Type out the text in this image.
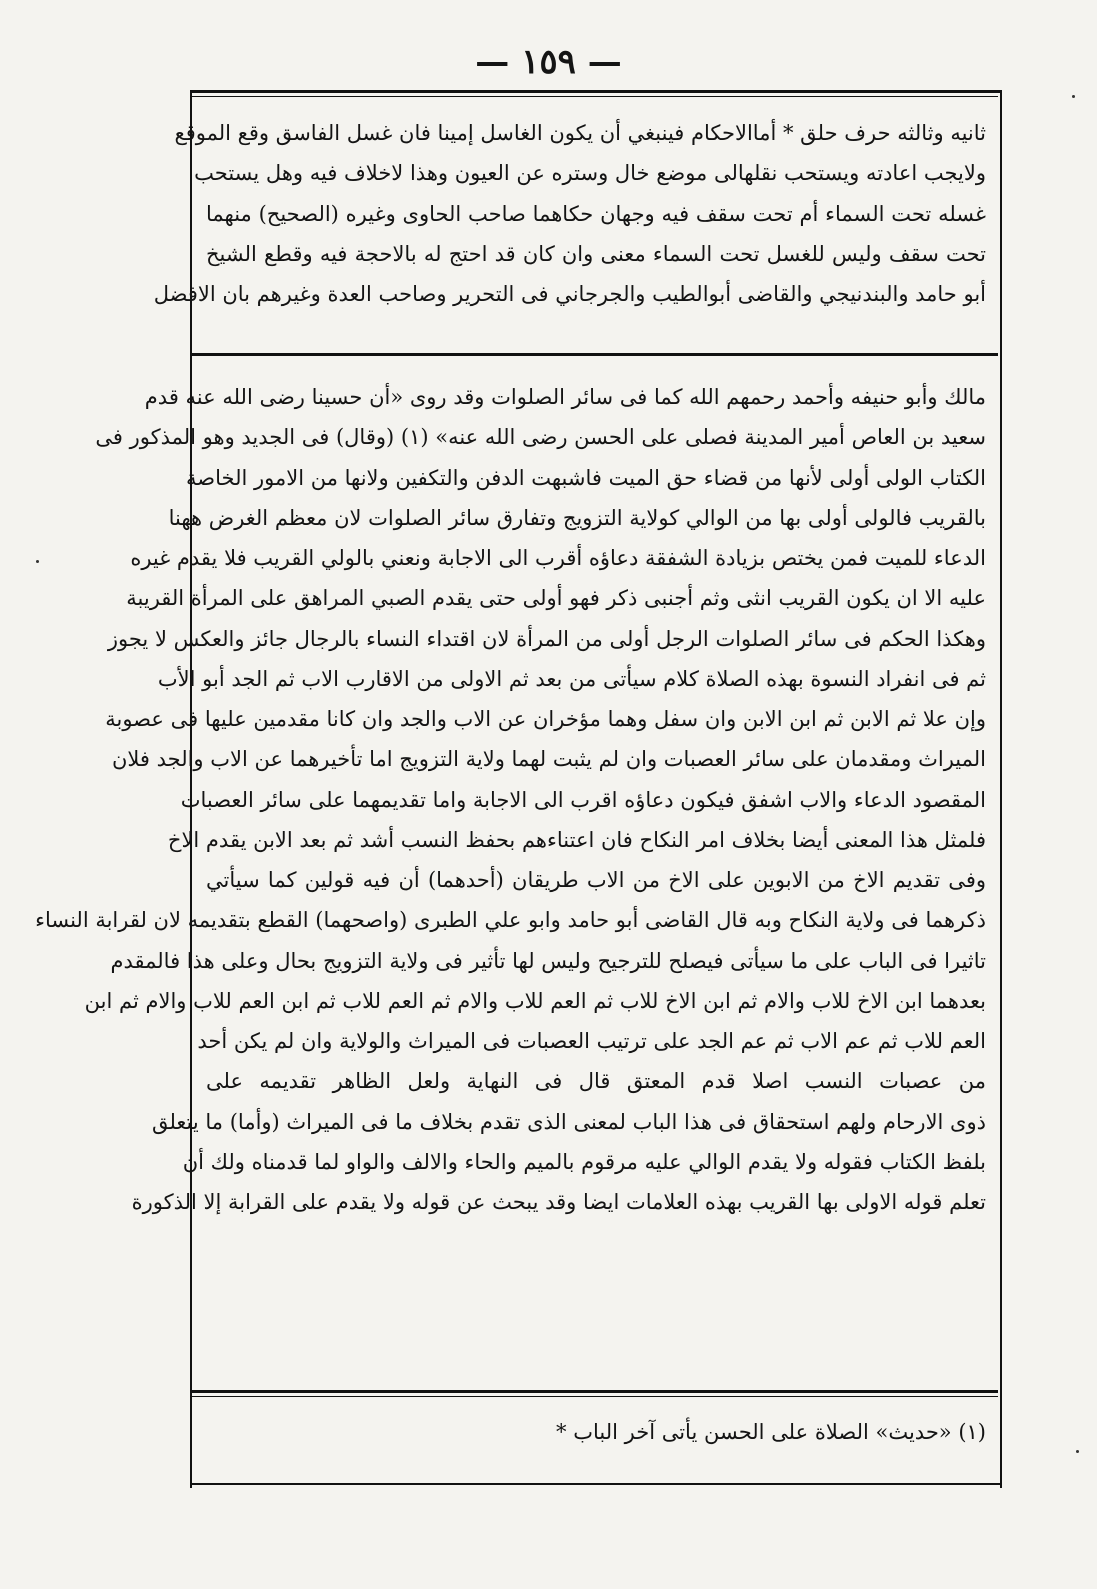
— ١٥٩ —
ثانيه وثالثه حرف حلق * أماالاحكام فينبغي أن يكون الغاسل إمينا فان غسل الفاسق وقع الموقع
ولايجب اعادته ويستحب نقلهالى موضع خال وستره عن العيون وهذا لاخلاف فيه وهل يستحب
غسله تحت السماء أم تحت سقف فيه وجهان حكاهما صاحب الحاوى وغيره (الصحيح) منهما
تحت سقف وليس للغسل تحت السماء معنى وان كان قد احتج له بالاحجة فيه وقطع الشيخ
أبو حامد والبندنيجي والقاضى أبوالطيب والجرجاني فى التحرير وصاحب العدة وغيرهم بان الافضل
مالك وأبو حنيفه وأحمد رحمهم الله كما فى سائر الصلوات وقد روى «أن حسينا رضى الله عنه قدم
سعيد بن العاص أمير المدينة فصلى على الحسن رضى الله عنه» (١) (وقال) فى الجديد وهو المذكور فى
الكتاب الولى أولى لأنها من قضاء حق الميت فاشبهت الدفن والتكفين ولانها من الامور الخاصة
بالقريب فالولى أولى بها من الوالي كولاية التزويج وتفارق سائر الصلوات لان معظم الغرض ههنا
الدعاء للميت فمن يختص بزيادة الشفقة دعاؤه أقرب الى الاجابة ونعني بالولي القريب فلا يقدم غيره
عليه الا ان يكون القريب انثى وثم أجنبى ذكر فهو أولى حتى يقدم الصبي المراهق على المرأة القريبة
وهكذا الحكم فى سائر الصلوات الرجل أولى من المرأة لان اقتداء النساء بالرجال جائز والعكس لا يجوز
ثم فى انفراد النسوة بهذه الصلاة كلام سيأتى من بعد ثم الاولى من الاقارب الاب ثم الجد أبو الأب
وإن علا ثم الابن ثم ابن الابن وان سفل وهما مؤخران عن الاب والجد وان كانا مقدمين عليها فى عصوبة
الميراث ومقدمان على سائر العصبات وان لم يثبت لهما ولاية التزويج اما تأخيرهما عن الاب والجد فلان
المقصود الدعاء والاب اشفق فيكون دعاؤه اقرب الى الاجابة واما تقديمهما على سائر العصبات
فلمثل هذا المعنى أيضا بخلاف امر النكاح فان اعتناءهم بحفظ النسب أشد ثم بعد الابن يقدم الاخ
وفى تقديم الاخ من الابوين على الاخ من الاب طريقان (أحدهما) أن فيه قولين كما سيأتي
ذكرهما فى ولاية النكاح وبه قال القاضى أبو حامد وابو علي الطبرى (واصحهما) القطع بتقديمه لان لقرابة النساء
تاثيرا فى الباب على ما سيأتى فيصلح للترجيح وليس لها تأثير فى ولاية التزويج بحال وعلى هذا فالمقدم
بعدهما ابن الاخ للاب والام ثم ابن الاخ للاب ثم العم للاب والام ثم العم للاب ثم ابن العم للاب والام ثم ابن
العم للاب ثم عم الاب ثم عم الجد على ترتيب العصبات فى الميراث والولاية وان لم يكن أحد
من عصبات النسب اصلا قدم المعتق قال فى النهاية ولعل الظاهر تقديمه على
ذوى الارحام ولهم استحقاق فى هذا الباب لمعنى الذى تقدم بخلاف ما فى الميراث (وأما) ما يتعلق
بلفظ الكتاب فقوله ولا يقدم الوالي عليه مرقوم بالميم والحاء والالف والواو لما قدمناه ولك أن
تعلم قوله الاولى بها القريب بهذه العلامات ايضا وقد يبحث عن قوله ولا يقدم على القرابة إلا الذكورة
(١) «حديث» الصلاة على الحسن يأتى آخر الباب *
